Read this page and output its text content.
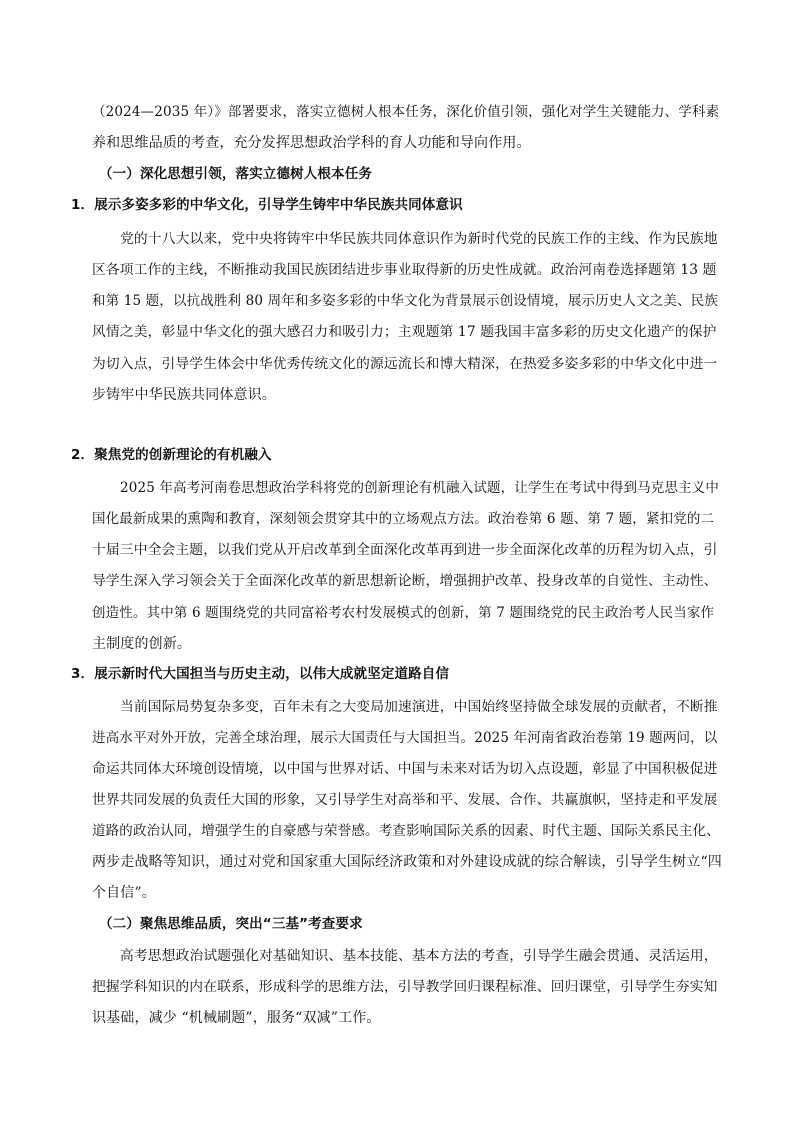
（2024—2035 年）》部署要求，落实立德树人根本任务，深化价值引领，强化对学生关键能力、学科素
养和思维品质的考查，充分发挥思想政治学科的育人功能和导向作用。
（一）深化思想引领，落实立德树人根本任务
1．展示多姿多彩的中华文化，引导学生铸牢中华民族共同体意识
党的十八大以来，党中央将铸牢中华民族共同体意识作为新时代党的民族工作的主线、作为民族地
区各项工作的主线，不断推动我国民族团结进步事业取得新的历史性成就。政治河南卷选择题第 13 题
和第 15 题，以抗战胜利 80 周年和多姿多彩的中华文化为背景展示创设情境，展示历史人文之美、民族
风情之美，彰显中华文化的强大感召力和吸引力；主观题第 17 题我国丰富多彩的历史文化遗产的保护
为切入点，引导学生体会中华优秀传统文化的源远流长和博大精深，在热爱多姿多彩的中华文化中进一
步铸牢中华民族共同体意识。
2．聚焦党的创新理论的有机融入
2025 年高考河南卷思想政治学科将党的创新理论有机融入试题，让学生在考试中得到马克思主义中
国化最新成果的熏陶和教育，深刻领会贯穿其中的立场观点方法。政治卷第 6 题、第 7 题，紧扣党的二
十届三中全会主题，以我们党从开启改革到全面深化改革再到进一步全面深化改革的历程为切入点，引
导学生深入学习领会关于全面深化改革的新思想新论断，增强拥护改革、投身改革的自觉性、主动性、
创造性。其中第 6 题围绕党的共同富裕考农村发展模式的创新，第 7 题围绕党的民主政治考人民当家作
主制度的创新。
3．展示新时代大国担当与历史主动，以伟大成就坚定道路自信
当前国际局势复杂多变，百年未有之大变局加速演进，中国始终坚持做全球发展的贡献者，不断推
进高水平对外开放，完善全球治理，展示大国责任与大国担当。2025 年河南省政治卷第 19 题两问，以
命运共同体大环境创设情境，以中国与世界对话、中国与未来对话为切入点设题，彰显了中国积极促进
世界共同发展的负责任大国的形象，又引导学生对高举和平、发展、合作、共赢旗帜，坚持走和平发展
道路的政治认同，增强学生的自豪感与荣誉感。考查影响国际关系的因素、时代主题、国际关系民主化、
两步走战略等知识，通过对党和国家重大国际经济政策和对外建设成就的综合解读，引导学生树立“四
个自信”。
（二）聚焦思维品质，突出“三基”考查要求
高考思想政治试题强化对基础知识、基本技能、基本方法的考查，引导学生融会贯通、灵活运用，
把握学科知识的内在联系，形成科学的思维方法，引导教学回归课程标准、回归课堂，引导学生夯实知
识基础，减少 “机械刷题”，服务“双减”工作。
